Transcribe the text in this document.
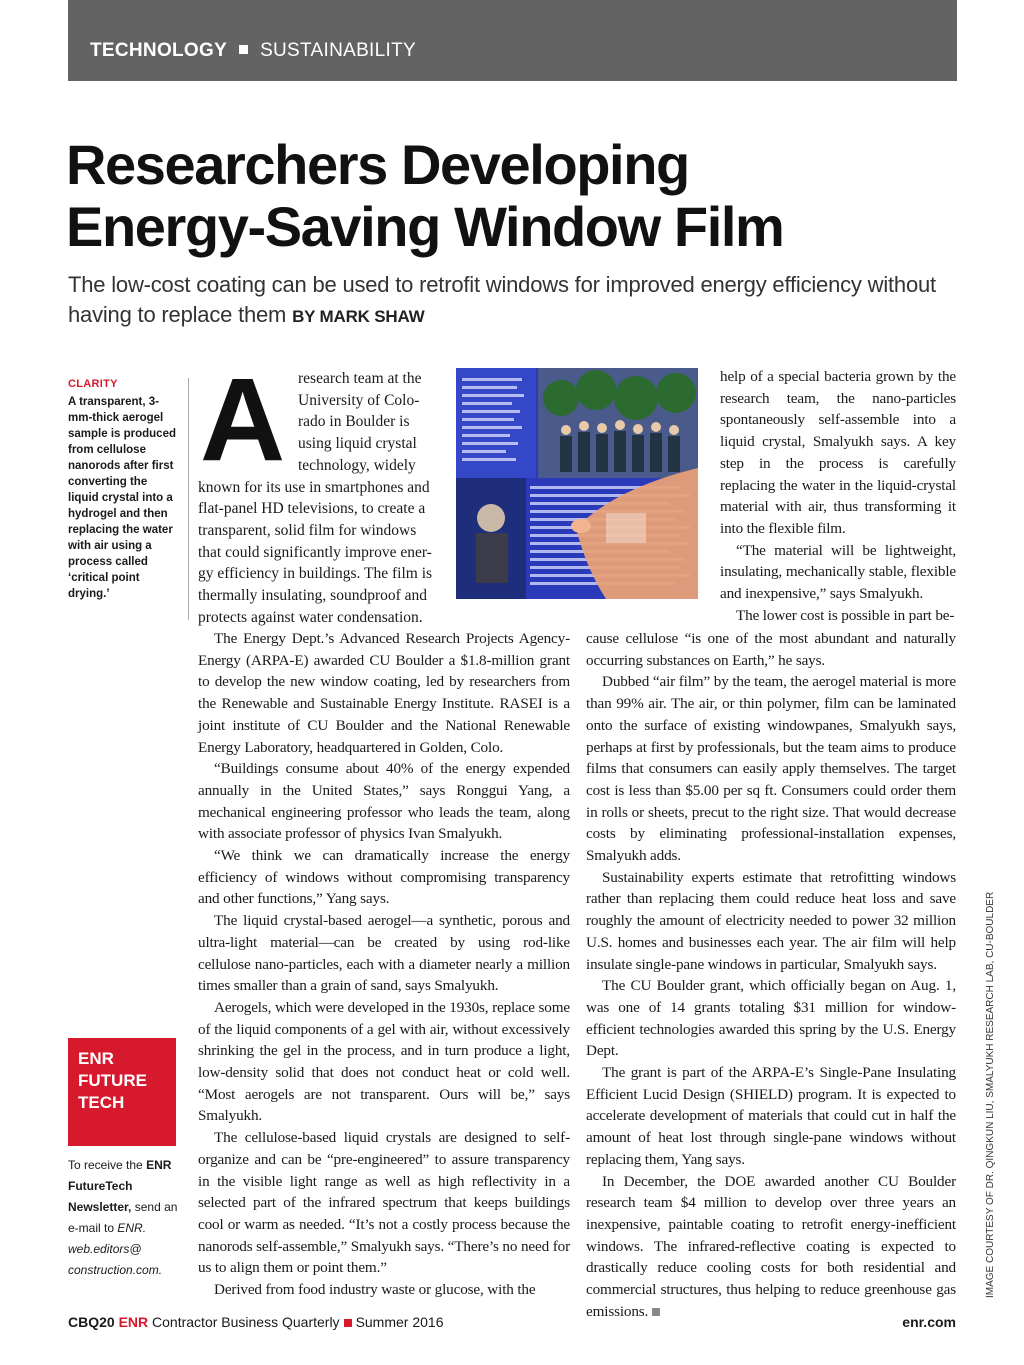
TECHNOLOGY SUSTAINABILITY
Researchers Developing
Energy-Saving Window Film
The low-cost coating can be used to retrofit windows for improved energy efficiency without having to replace them BY MARK SHAW
CLARITY
A transparent, 3-mm-thick aerogel sample is produced from cellulose nanorods after first converting the liquid crystal into a hydrogel and then replacing the water with air using a process called ‘critical point drying.’
ENR
FUTURE
TECH
To receive the ENR FutureTech Newsletter, send an e-mail to ENR. web.editors@ construction.com.
A research team at the
University of Colo-
rado in Boulder is
using liquid crystal
technology, widely
known for its use in smartphones and
flat-panel HD televisions, to create a
transparent, solid film for windows
that could significantly improve ener-
gy efficiency in buildings. The film is
thermally insulating, soundproof and
protects against water condensation.

The Energy Dept.’s Advanced Research Projects Agency-Energy (ARPA-E) awarded CU Boulder a $1.8-million grant to develop the new window coating, led by researchers from the Renewable and Sustainable Energy Institute. RASEI is a joint institute of CU Boulder and the National Renewable Energy Laboratory, headquartered in Golden, Colo.

“Buildings consume about 40% of the energy expended annually in the United States,” says Ronggui Yang, a mechanical engineering professor who leads the team, along with associate professor of physics Ivan Smalyukh.

“We think we can dramatically increase the energy efficiency of windows without compromising transparency and other functions,” Yang says.

The liquid crystal-based aerogel—a synthetic, porous and ultra-light material—can be created by using rod-like cellulose nano-particles, each with a diameter nearly a million times smaller than a grain of sand, says Smalyukh.

Aerogels, which were developed in the 1930s, replace some of the liquid components of a gel with air, without excessively shrinking the gel in the process, and in turn produce a light, low-density solid that does not conduct heat or cold well. “Most aerogels are not transparent. Ours will be,” says Smalyukh.

The cellulose-based liquid crystals are designed to self-organize and can be “pre-engineered” to assure transparency in the visible light range as well as high reflectivity in a selected part of the infrared spectrum that keeps buildings cool or warm as needed. “It’s not a costly process because the nanorods self-assemble,” Smalyukh says. “There’s no need for us to align them or point them.”

Derived from food industry waste or glucose, with the

help of a special bacteria grown by the research team, the nano-particles spontaneously self-assemble into a liquid crystal, Smalyukh says. A key step in the process is carefully replacing the water in the liquid-crystal material with air, thus transforming it into the flexible film.

“The material will be lightweight, insulating, mechanically stable, flexible and inexpensive,” says Smalyukh.

The lower cost is possible in part be-

cause cellulose “is one of the most abundant and naturally occurring substances on Earth,” he says.

Dubbed “air film” by the team, the aerogel material is more than 99% air. The air, or thin polymer, film can be laminated onto the surface of existing windowpanes, Smalyukh says, perhaps at first by professionals, but the team aims to produce films that consumers can easily apply themselves. The target cost is less than $5.00 per sq ft. Consumers could order them in rolls or sheets, precut to the right size. That would decrease costs by eliminating professional-installation expenses, Smalyukh adds.

Sustainability experts estimate that retrofitting windows rather than replacing them could reduce heat loss and save roughly the amount of electricity needed to power 32 million U.S. homes and businesses each year. The air film will help insulate single-pane windows in particular, Smalyukh says.

The CU Boulder grant, which officially began on Aug. 1, was one of 14 grants totaling $31 million for window-efficient technologies awarded this spring by the U.S. Energy Dept.

The grant is part of the ARPA-E’s Single-Pane Insulating Efficient Lucid Design (SHIELD) program. It is expected to accelerate development of materials that could cut in half the amount of heat lost through single-pane windows without replacing them, Yang says.

In December, the DOE awarded another CU Boulder research team $4 million to develop over three years an inexpensive, paintable coating to retrofit energy-inefficient windows. The infrared-reflective coating is expected to drastically reduce cooling costs for both residential and commercial structures, thus helping to reduce greenhouse gas emissions.

IMAGE COURTESY OF DR. QINGKUN LIU, SMALYUKH RESEARCH LAB, CU-BOULDER
CBQ20 ENR Contractor Business Quarterly Summer 2016	enr.com
